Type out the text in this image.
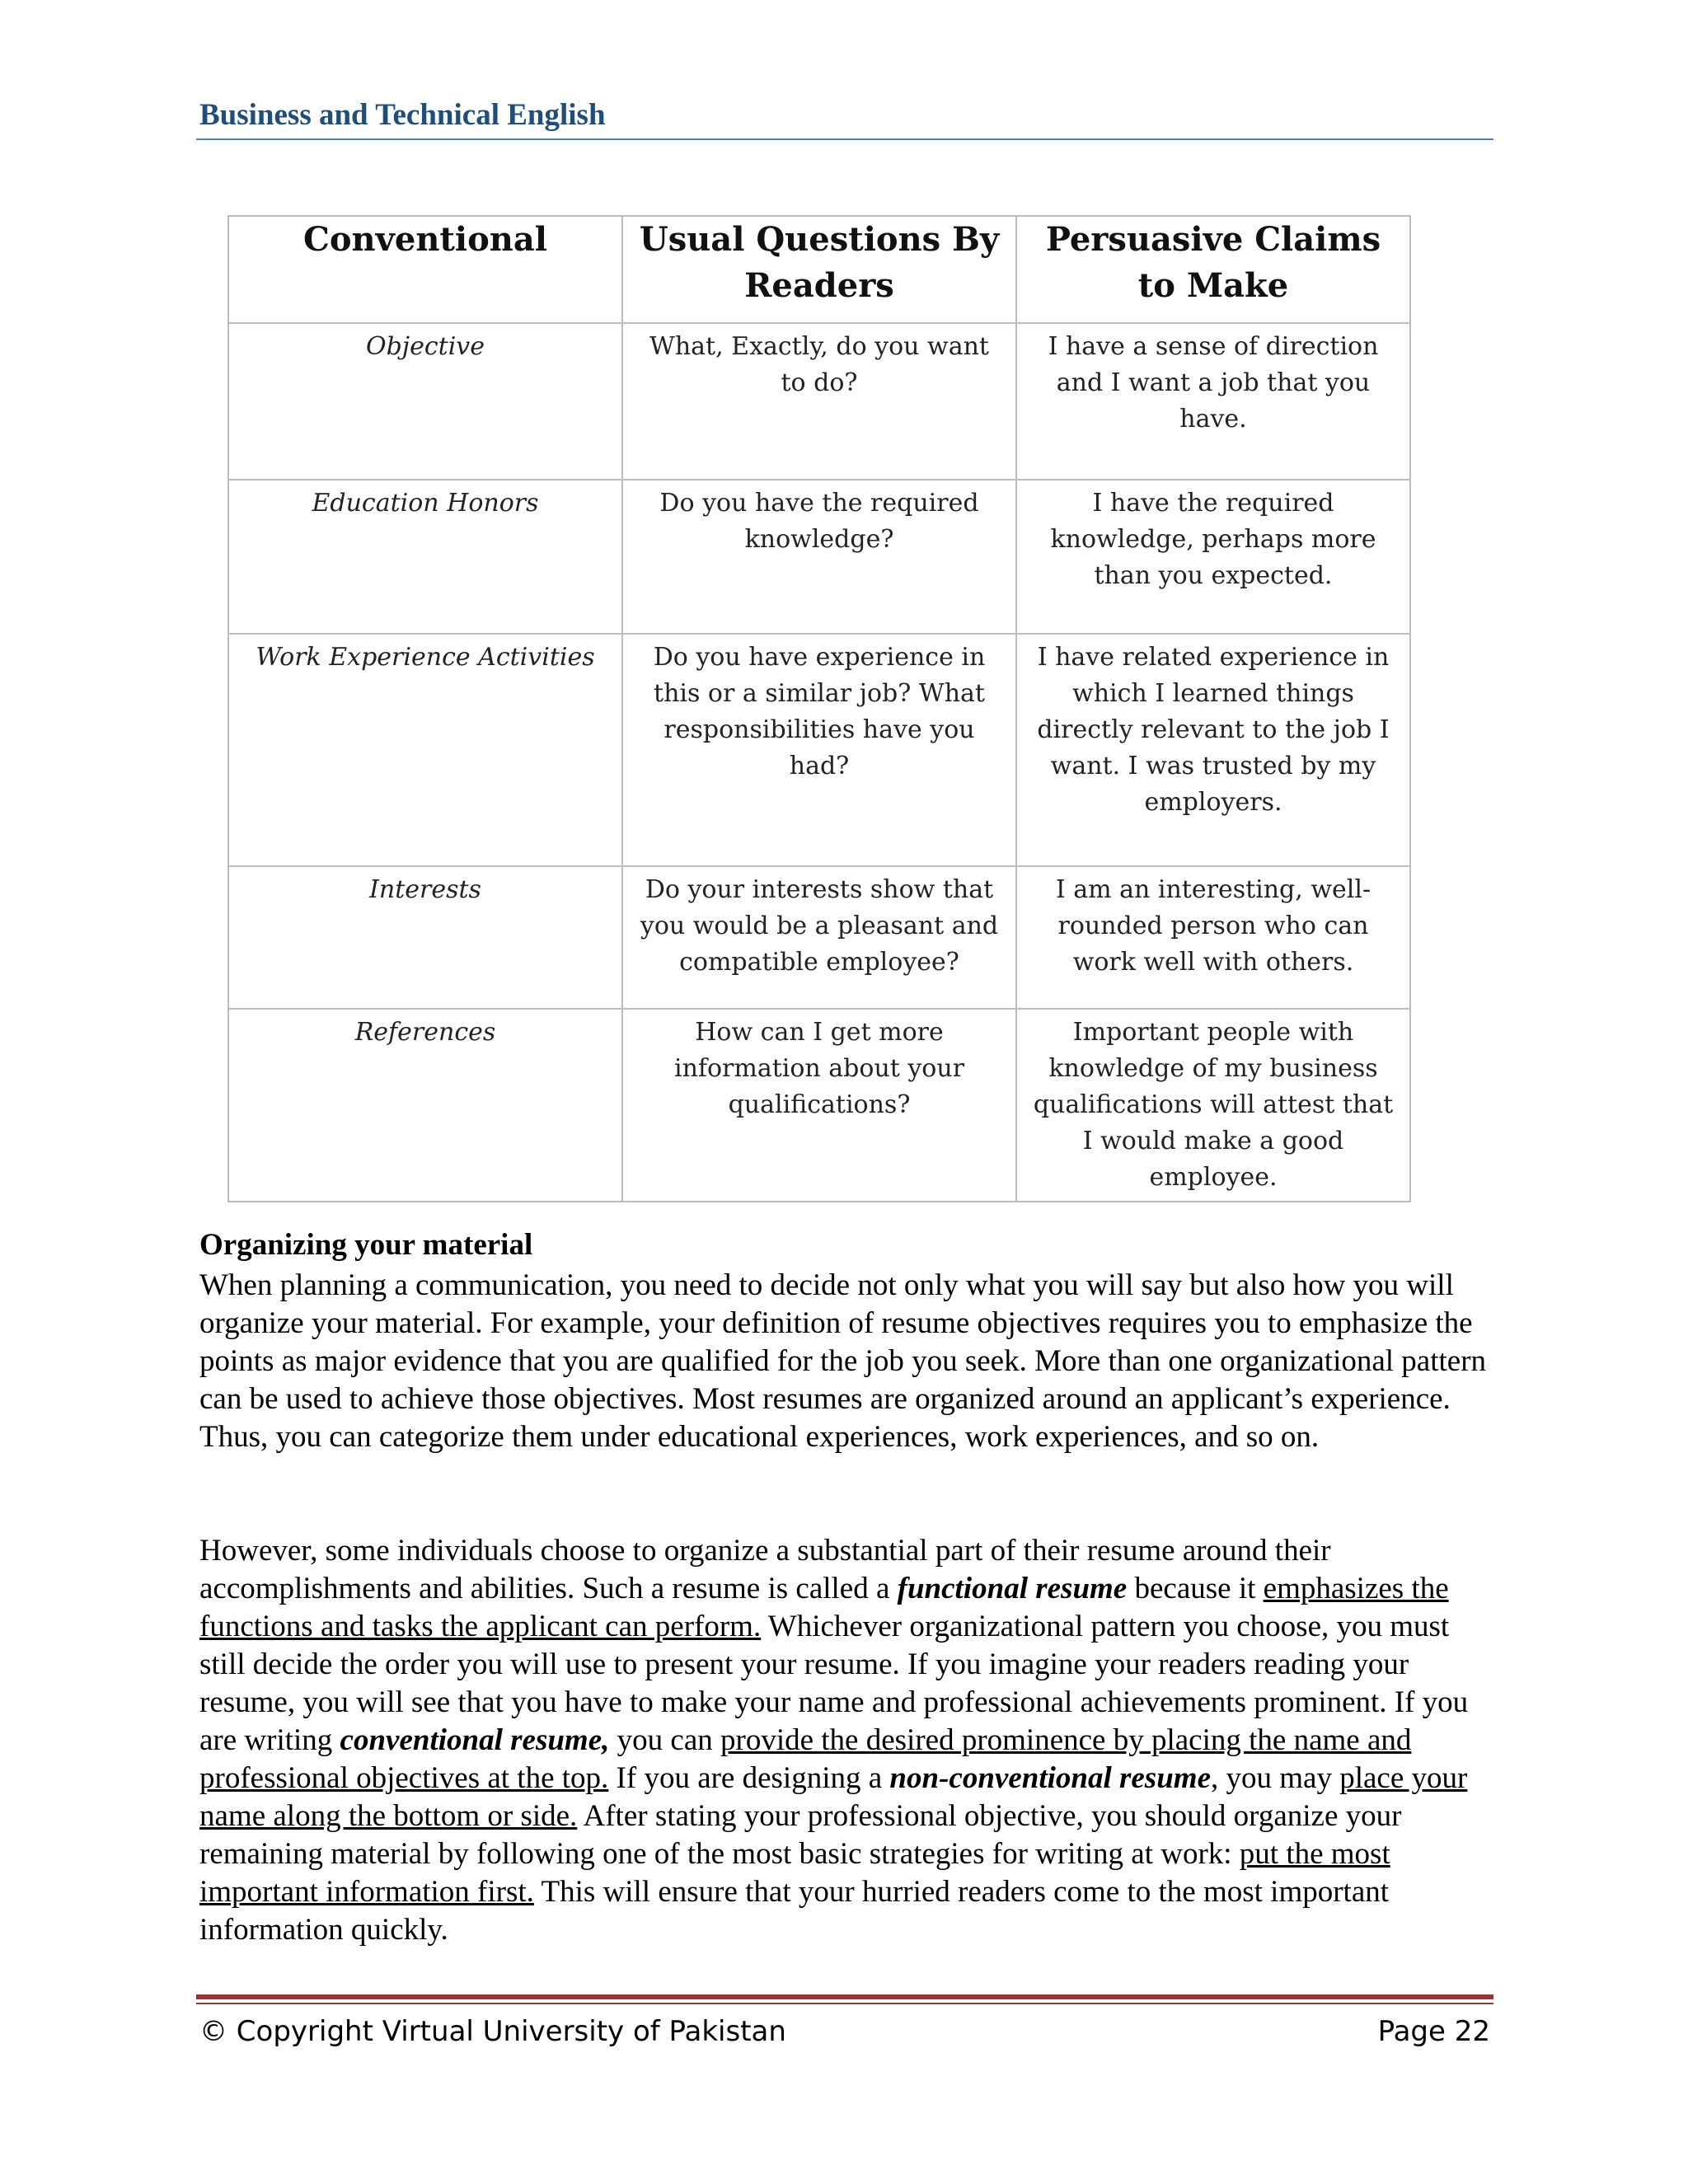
Business and Technical English
Conventional	Usual Questions By Readers	Persuasive Claims to Make
Objective	What, Exactly, do you want to do?	I have a sense of direction and I want a job that you have.
Education Honors	Do you have the required knowledge?	I have the required knowledge, perhaps more than you expected.
Work Experience Activities	Do you have experience in this or a similar job? What responsibilities have you had?	I have related experience in which I learned things directly relevant to the job I want. I was trusted by my employers.
Interests	Do your interests show that you would be a pleasant and compatible employee?	I am an interesting, well-rounded person who can work well with others.
References	How can I get more information about your qualifications?	Important people with knowledge of my business qualifications will attest that I would make a good employee.
Organizing your material
When planning a communication, you need to decide not only what you will say but also how you will organize your material. For example, your definition of resume objectives requires you to emphasize the points as major evidence that you are qualified for the job you seek. More than one organizational pattern can be used to achieve those objectives. Most resumes are organized around an applicant’s experience. Thus, you can categorize them under educational experiences, work experiences, and so on.
However, some individuals choose to organize a substantial part of their resume around their accomplishments and abilities. Such a resume is called a functional resume because it emphasizes the functions and tasks the applicant can perform. Whichever organizational pattern you choose, you must still decide the order you will use to present your resume. If you imagine your readers reading your resume, you will see that you have to make your name and professional achievements prominent. If you are writing conventional resume, you can provide the desired prominence by placing the name and professional objectives at the top. If you are designing a non-conventional resume, you may place your name along the bottom or side. After stating your professional objective, you should organize your remaining material by following one of the most basic strategies for writing at work: put the most important information first. This will ensure that your hurried readers come to the most important information quickly.
© Copyright Virtual University of Pakistan	Page 22
